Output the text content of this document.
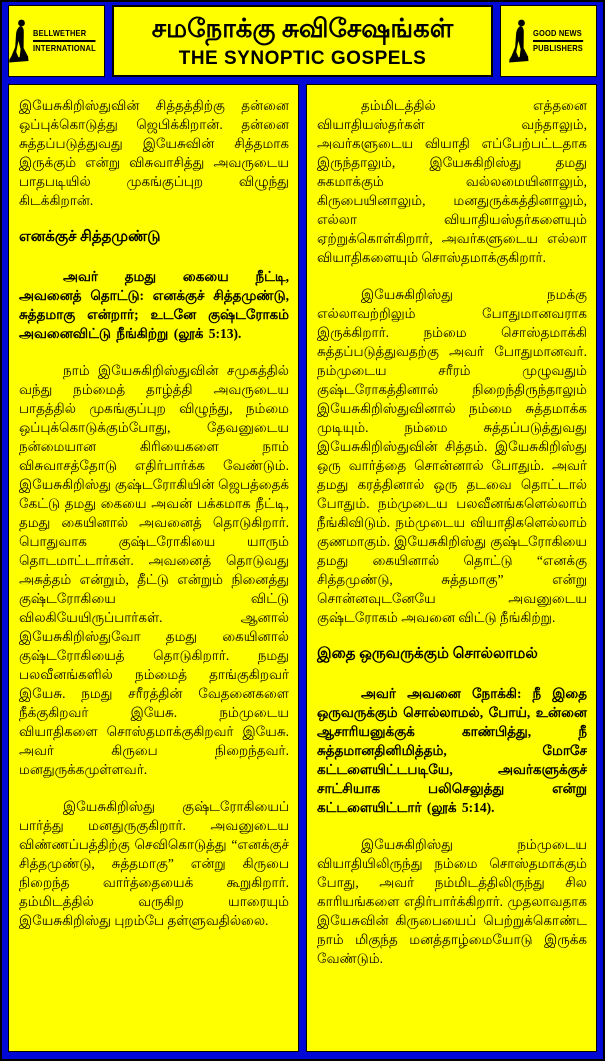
BELLWETHER
INTERNATIONAL
சமநோக்கு சுவிசேஷங்கள்
THE SYNOPTIC GOSPELS
GOOD NEWS
PUBLISHERS

இயேசுகிறிஸ்துவின் சித்தத்திற்கு தன்னை ஒப்புக்கொடுத்து ஜெபிக்கிறான். தன்னை சுத்தப்படுத்துவது இயேசுவின் சித்தமாக இருக்கும் என்று விசுவாசித்து அவருடைய பாதபடியில் முகங்குப்புற விழுந்து கிடக்கிறான்.

எனக்குச் சித்தமுண்டு

அவர் தமது கையை நீட்டி, அவனைத் தொட்டு: எனக்குச் சித்தமுண்டு, சுத்தமாகு என்றார்; உடனே குஷ்டரோகம் அவனைவிட்டு நீங்கிற்று (லூக் 5:13).

நாம் இயேசுகிறிஸ்துவின் சமுகத்தில் வந்து நம்மைத் தாழ்த்தி அவருடைய பாதத்தில் முகங்குப்புற விழுந்து, நம்மை ஒப்புக்கொடுக்கும்போது, தேவனுடைய நன்மையான கிரியைகளை நாம் விசுவாசத்தோடு எதிர்பார்க்க வேண்டும். இயேசுகிறிஸ்து குஷ்டரோகியின் ஜெபத்தைக் கேட்டு தமது கையை அவன் பக்கமாக நீட்டி, தமது கையினால் அவனைத் தொடுகிறார். பொதுவாக குஷ்டரோகியை யாரும் தொடமாட்டார்கள். அவனைத் தொடுவது அசுத்தம் என்றும், தீட்டு என்றும் நினைத்து குஷ்டரோகியை விட்டு விலகியேயிருப்பார்கள். ஆனால் இயேசுகிறிஸ்துவோ தமது கையினால் குஷ்டரோகியைத் தொடுகிறார். நமது பலவீனங்களில் நம்மைத் தாங்குகிறவர் இயேசு. நமது சரீரத்தின் வேதனைகளை நீக்குகிறவர் இயேசு. நம்முடைய வியாதிகளை சொஸ்தமாக்குகிறவர் இயேசு. அவர் கிருபை நிறைந்தவர். மனதுருக்கமுள்ளவர்.

இயேசுகிறிஸ்து குஷ்டரோகியைப் பார்த்து மனதுருகுகிறார். அவனுடைய விண்ணப்பத்திற்கு செவிகொடுத்து “எனக்குச் சித்தமுண்டு, சுத்தமாகு” என்று கிருபை நிறைந்த வார்த்தையைக் கூறுகிறார். தம்மிடத்தில் வருகிற யாரையும் இயேசுகிறிஸ்து புறம்பே தள்ளுவதில்லை.

தம்மிடத்தில் எத்தனை வியாதியஸ்தர்கள் வந்தாலும், அவர்களுடைய வியாதி எப்பேற்பட்டதாக இருந்தாலும், இயேசுகிறிஸ்து தமது சுகமாக்கும் வல்லமையினாலும், கிருபையினாலும், மனதுருக்கத்தினாலும், எல்லா வியாதியஸ்தர்களையும் ஏற்றுக்கொள்கிறார், அவர்களுடைய எல்லா வியாதிகளையும் சொஸ்தமாக்குகிறார்.

இயேசுகிறிஸ்து நமக்கு எல்லாவற்றிலும் போதுமானவராக இருக்கிறார். நம்மை சொஸ்தமாக்கி சுத்தப்படுத்துவதற்கு அவர் போதுமானவர். நம்முடைய சரீரம் முழுவதும் குஷ்டரோகத்தினால் நிறைந்திருந்தாலும் இயேசுகிறிஸ்துவினால் நம்மை சுத்தமாக்க முடியும். நம்மை சுத்தப்படுத்துவது இயேசுகிறிஸ்துவின் சித்தம். இயேசுகிறிஸ்து ஒரு வார்த்தை சொன்னால் போதும். அவர் தமது கரத்தினால் ஒரு தடவை தொட்டால் போதும். நம்முடைய பலவீனங்களெல்லாம் நீங்கிவிடும். நம்முடைய வியாதிகளெல்லாம் குணமாகும். இயேசுகிறிஸ்து குஷ்டரோகியை தமது கையினால் தொட்டு “எனக்கு சித்தமுண்டு, சுத்தமாகு” என்று சொன்னவுடனேயே அவனுடைய குஷ்டரோகம் அவனை விட்டு நீங்கிற்று.

இதை ஒருவருக்கும் சொல்லாமல்

அவர் அவனை நோக்கி: நீ இதை ஒருவருக்கும் சொல்லாமல், போய், உன்னை ஆசாரியனுக்குக் காண்பித்து, நீ சுத்தமானதினிமித்தம், மோசே கட்டளையிட்டபடியே, அவர்களுக்குச் சாட்சியாக பலிசெலுத்து என்று கட்டளையிட்டார் (லூக் 5:14).

இயேசுகிறிஸ்து நம்முடைய வியாதியிலிருந்து நம்மை சொஸ்தமாக்கும் போது, அவர் நம்மிடத்திலிருந்து சில காரியங்களை எதிர்பார்க்கிறார். முதலாவதாக இயேசுவின் கிருபையைப் பெற்றுக்கொண்ட நாம் மிகுந்த மனத்தாழ்மையோடு இருக்க வேண்டும்.
